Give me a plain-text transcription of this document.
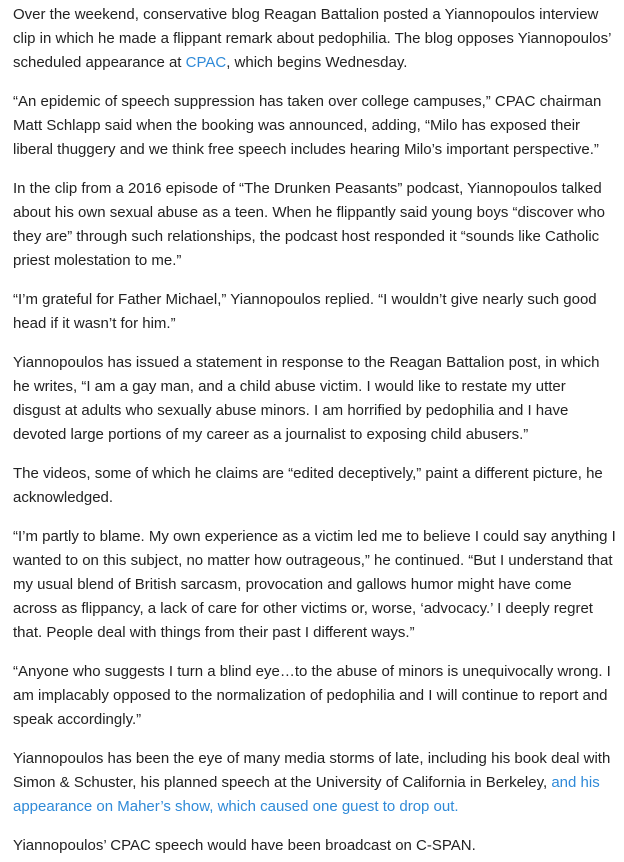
Over the weekend, conservative blog Reagan Battalion posted a Yiannopoulos interview clip in which he made a flippant remark about pedophilia. The blog opposes Yiannopoulos’ scheduled appearance at CPAC, which begins Wednesday.

“An epidemic of speech suppression has taken over college campuses,” CPAC chairman Matt Schlapp said when the booking was announced, adding, “Milo has exposed their liberal thuggery and we think free speech includes hearing Milo’s important perspective.”

In the clip from a 2016 episode of “The Drunken Peasants” podcast, Yiannopoulos talked about his own sexual abuse as a teen. When he flippantly said young boys “discover who they are” through such relationships, the podcast host responded it “sounds like Catholic priest molestation to me.”

“I’m grateful for Father Michael,” Yiannopoulos replied. “I wouldn’t give nearly such good head if it wasn’t for him.”

Yiannopoulos has issued a statement in response to the Reagan Battalion post, in which he writes, “I am a gay man, and a child abuse victim. I would like to restate my utter disgust at adults who sexually abuse minors. I am horrified by pedophilia and I have devoted large portions of my career as a journalist to exposing child abusers.”

The videos, some of which he claims are “edited deceptively,” paint a different picture, he acknowledged.

“I’m partly to blame. My own experience as a victim led me to believe I could say anything I wanted to on this subject, no matter how outrageous,” he continued. “But I understand that my usual blend of British sarcasm, provocation and gallows humor might have come across as flippancy, a lack of care for other victims or, worse, ‘advocacy.’ I deeply regret that. People deal with things from their past I different ways.”

“Anyone who suggests I turn a blind eye…to the abuse of minors is unequivocally wrong. I am implacably opposed to the normalization of pedophilia and I will continue to report and speak accordingly.”

Yiannopoulos has been the eye of many media storms of late, including his book deal with Simon & Schuster, his planned speech at the University of California in Berkeley, and his appearance on Maher’s show, which caused one guest to drop out.

Yiannopoulos’ CPAC speech would have been broadcast on C-SPAN.
